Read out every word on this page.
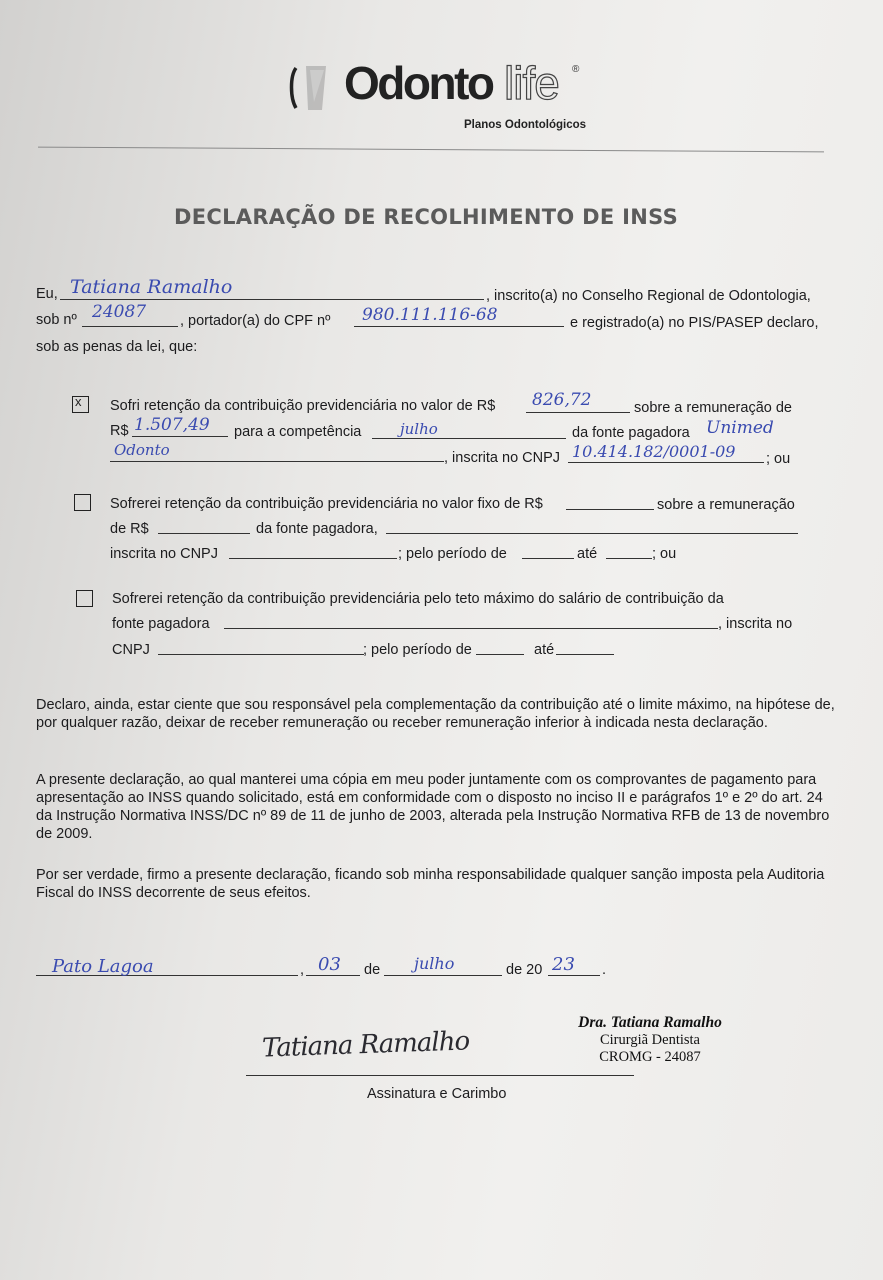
Odonto life ®
Planos Odontológicos
DECLARAÇÃO DE RECOLHIMENTO DE INSS
Eu, Tatiana Ramalho	, inscrito(a) no Conselho Regional de Odontologia,
sob nº 24087 , portador(a) do CPF nº 980.111.116-68	e registrado(a) no PIS/PASEP declaro,
sob as penas da lei, que:
x Sofri retenção da contribuição previdenciária no valor de R$ 826,72	sobre a remuneração de
R$ 1.507,49 para a competência	julho	da fonte pagadora Unimed
Odonto	, inscrita no CNPJ 10.414.182/0001-09 ; ou
Sofrerei retenção da contribuição previdenciária no valor fixo de R$	sobre a remuneração
de R$	da fonte pagadora,
inscrita no CNPJ	; pelo período de	até	; ou
Sofrerei retenção da contribuição previdenciária pelo teto máximo do salário de contribuição da
fonte pagadora	, inscrita no
CNPJ	; pelo período de	até

Declaro, ainda, estar ciente que sou responsável pela complementação da contribuição até o limite máximo, na hipótese de, por qualquer razão, deixar de receber remuneração ou receber remuneração inferior à indicada nesta declaração.

A presente declaração, ao qual manterei uma cópia em meu poder juntamente com os comprovantes de pagamento para apresentação ao INSS quando solicitado, está em conformidade com o disposto no inciso II e parágrafos 1º e 2º do art. 24 da Instrução Normativa INSS/DC nº 89 de 11 de junho de 2003, alterada pela Instrução Normativa RFB de 13 de novembro de 2009.

Por ser verdade, firmo a presente declaração, ficando sob minha responsabilidade qualquer sanção imposta pela Auditoria Fiscal do INSS decorrente de seus efeitos.

Pato Lagoa	, 03 de julho	de 20 23 .
Dra. Tatiana Ramalho
Cirurgiã Dentista
CROMG - 24087
Tatiana Ramalho
Assinatura e Carimbo
